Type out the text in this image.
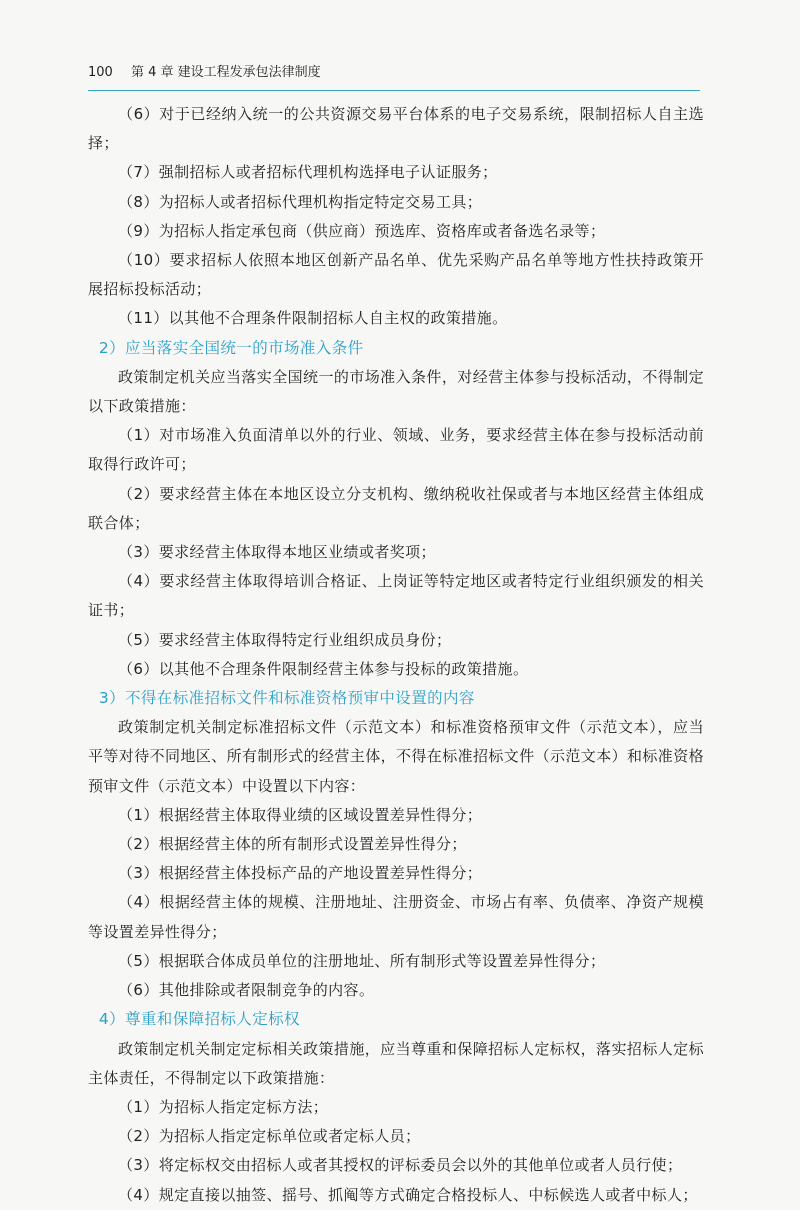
100 第 4 章 建设工程发承包法律制度

（6）对于已经纳入统一的公共资源交易平台体系的电子交易系统，限制招标人自主选择；

（7）强制招标人或者招标代理机构选择电子认证服务；

（8）为招标人或者招标代理机构指定特定交易工具；

（9）为招标人指定承包商（供应商）预选库、资格库或者备选名录等；

（10）要求招标人依照本地区创新产品名单、优先采购产品名单等地方性扶持政策开展招标投标活动；

（11）以其他不合理条件限制招标人自主权的政策措施。

2）应当落实全国统一的市场准入条件

政策制定机关应当落实全国统一的市场准入条件，对经营主体参与投标活动，不得制定以下政策措施：

（1）对市场准入负面清单以外的行业、领域、业务，要求经营主体在参与投标活动前取得行政许可；

（2）要求经营主体在本地区设立分支机构、缴纳税收社保或者与本地区经营主体组成联合体；

（3）要求经营主体取得本地区业绩或者奖项；

（4）要求经营主体取得培训合格证、上岗证等特定地区或者特定行业组织颁发的相关证书；

（5）要求经营主体取得特定行业组织成员身份；

（6）以其他不合理条件限制经营主体参与投标的政策措施。

3）不得在标准招标文件和标准资格预审中设置的内容

政策制定机关制定标准招标文件（示范文本）和标准资格预审文件（示范文本），应当平等对待不同地区、所有制形式的经营主体，不得在标准招标文件（示范文本）和标准资格预审文件（示范文本）中设置以下内容：

（1）根据经营主体取得业绩的区域设置差异性得分；

（2）根据经营主体的所有制形式设置差异性得分；

（3）根据经营主体投标产品的产地设置差异性得分；

（4）根据经营主体的规模、注册地址、注册资金、市场占有率、负债率、净资产规模等设置差异性得分；

（5）根据联合体成员单位的注册地址、所有制形式等设置差异性得分；

（6）其他排除或者限制竞争的内容。

4）尊重和保障招标人定标权

政策制定机关制定定标相关政策措施，应当尊重和保障招标人定标权，落实招标人定标主体责任，不得制定以下政策措施：

（1）为招标人指定定标方法；

（2）为招标人指定定标单位或者定标人员；

（3）将定标权交由招标人或者其授权的评标委员会以外的其他单位或者人员行使；

（4）规定直接以抽签、摇号、抓阄等方式确定合格投标人、中标候选人或者中标人；
